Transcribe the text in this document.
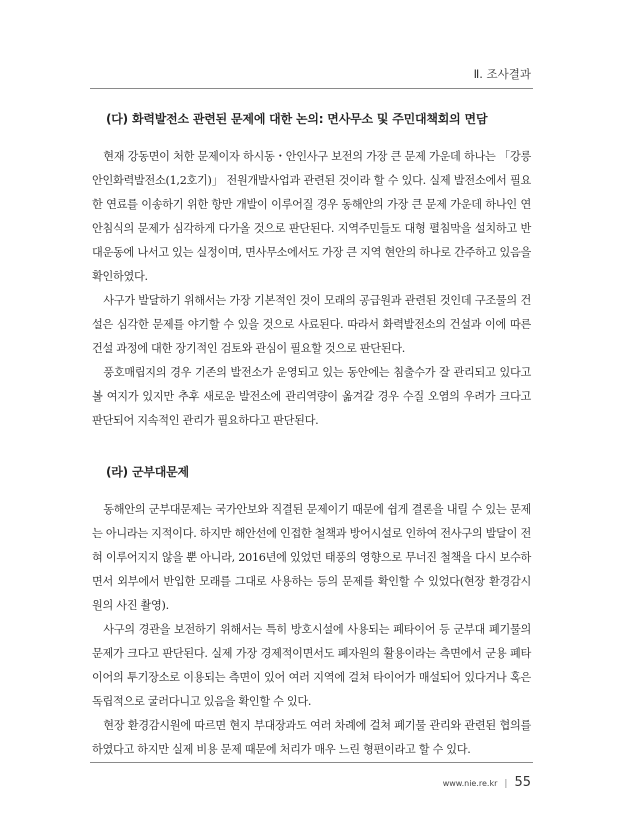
Ⅱ. 조사결과
(다) 화력발전소 관련된 문제에 대한 논의: 면사무소 및 주민대책회의 면담

현재 강동면이 처한 문제이자 하시동・안인사구 보전의 가장 큰 문제 가운데 하나는 「강릉 안인화력발전소(1,2호기)」 전원개발사업과 관련된 것이라 할 수 있다. 실제 발전소에서 필요한 연료를 이송하기 위한 항만 개발이 이루어질 경우 동해안의 가장 큰 문제 가운데 하나인 연안침식의 문제가 심각하게 다가올 것으로 판단된다. 지역주민들도 대형 펼침막을 설치하고 반대운동에 나서고 있는 실정이며, 면사무소에서도 가장 큰 지역 현안의 하나로 간주하고 있음을 확인하였다.

사구가 발달하기 위해서는 가장 기본적인 것이 모래의 공급원과 관련된 것인데 구조물의 건설은 심각한 문제를 야기할 수 있을 것으로 사료된다. 따라서 화력발전소의 건설과 이에 따른 건설 과정에 대한 장기적인 검토와 관심이 필요할 것으로 판단된다.

풍호매립지의 경우 기존의 발전소가 운영되고 있는 동안에는 침출수가 잘 관리되고 있다고 볼 여지가 있지만 추후 새로운 발전소에 관리역량이 옮겨갈 경우 수질 오염의 우려가 크다고 판단되어 지속적인 관리가 필요하다고 판단된다.

(라) 군부대문제

동해안의 군부대문제는 국가안보와 직결된 문제이기 때문에 쉽게 결론을 내릴 수 있는 문제는 아니라는 지적이다. 하지만 해안선에 인접한 철책과 방어시설로 인하여 전사구의 발달이 전혀 이루어지지 않을 뿐 아니라, 2016년에 있었던 태풍의 영향으로 무너진 철책을 다시 보수하면서 외부에서 반입한 모래를 그대로 사용하는 등의 문제를 확인할 수 있었다(현장 환경감시원의 사진 촬영).

사구의 경관을 보전하기 위해서는 특히 방호시설에 사용되는 폐타이어 등 군부대 폐기물의 문제가 크다고 판단된다. 실제 가장 경제적이면서도 폐자원의 활용이라는 측면에서 군용 폐타이어의 투기장소로 이용되는 측면이 있어 여러 지역에 걸쳐 타이어가 매설되어 있다거나 혹은 독립적으로 굴러다니고 있음을 확인할 수 있다.

현장 환경감시원에 따르면 현지 부대장과도 여러 차례에 걸쳐 폐기물 관리와 관련된 협의를 하였다고 하지만 실제 비용 문제 때문에 처리가 매우 느린 형편이라고 할 수 있다.

www.nie.re.kr | 55
